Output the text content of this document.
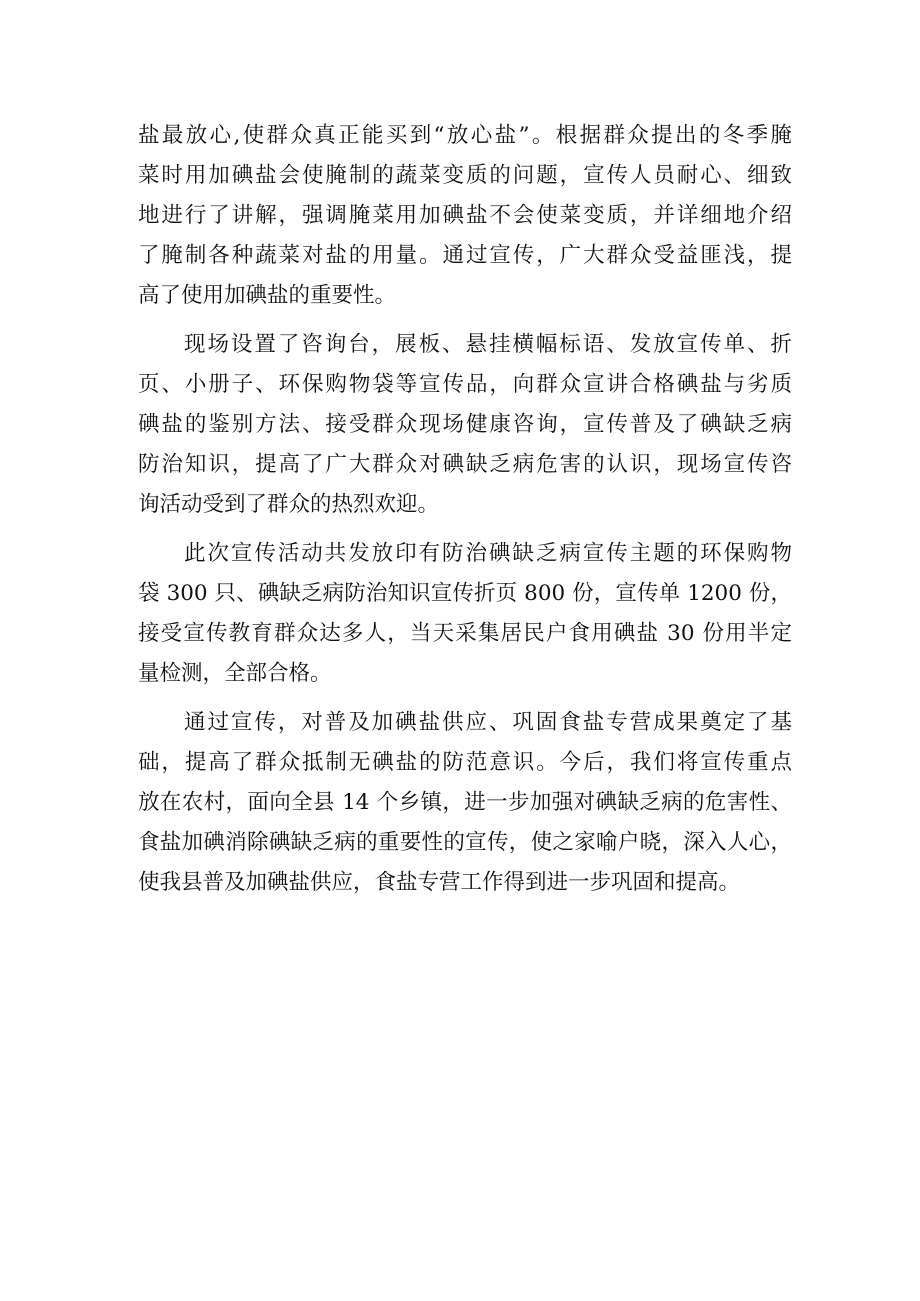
盐最放心,使群众真正能买到“放心盐”。根据群众提出的冬季腌
菜时用加碘盐会使腌制的蔬菜变质的问题，宣传人员耐心、细致
地进行了讲解，强调腌菜用加碘盐不会使菜变质，并详细地介绍
了腌制各种蔬菜对盐的用量。通过宣传，广大群众受益匪浅，提
高了使用加碘盐的重要性。
现场设置了咨询台，展板、悬挂横幅标语、发放宣传单、折
页、小册子、环保购物袋等宣传品，向群众宣讲合格碘盐与劣质
碘盐的鉴别方法、接受群众现场健康咨询，宣传普及了碘缺乏病
防治知识，提高了广大群众对碘缺乏病危害的认识，现场宣传咨
询活动受到了群众的热烈欢迎。
此次宣传活动共发放印有防治碘缺乏病宣传主题的环保购物
袋 300 只、碘缺乏病防治知识宣传折页 800 份，宣传单 1200 份，
接受宣传教育群众达多人，当天采集居民户食用碘盐 30 份用半定
量检测，全部合格。
通过宣传，对普及加碘盐供应、巩固食盐专营成果奠定了基
础，提高了群众抵制无碘盐的防范意识。今后，我们将宣传重点
放在农村，面向全县 14 个乡镇，进一步加强对碘缺乏病的危害性、
食盐加碘消除碘缺乏病的重要性的宣传，使之家喻户晓，深入人心，
使我县普及加碘盐供应，食盐专营工作得到进一步巩固和提高。
